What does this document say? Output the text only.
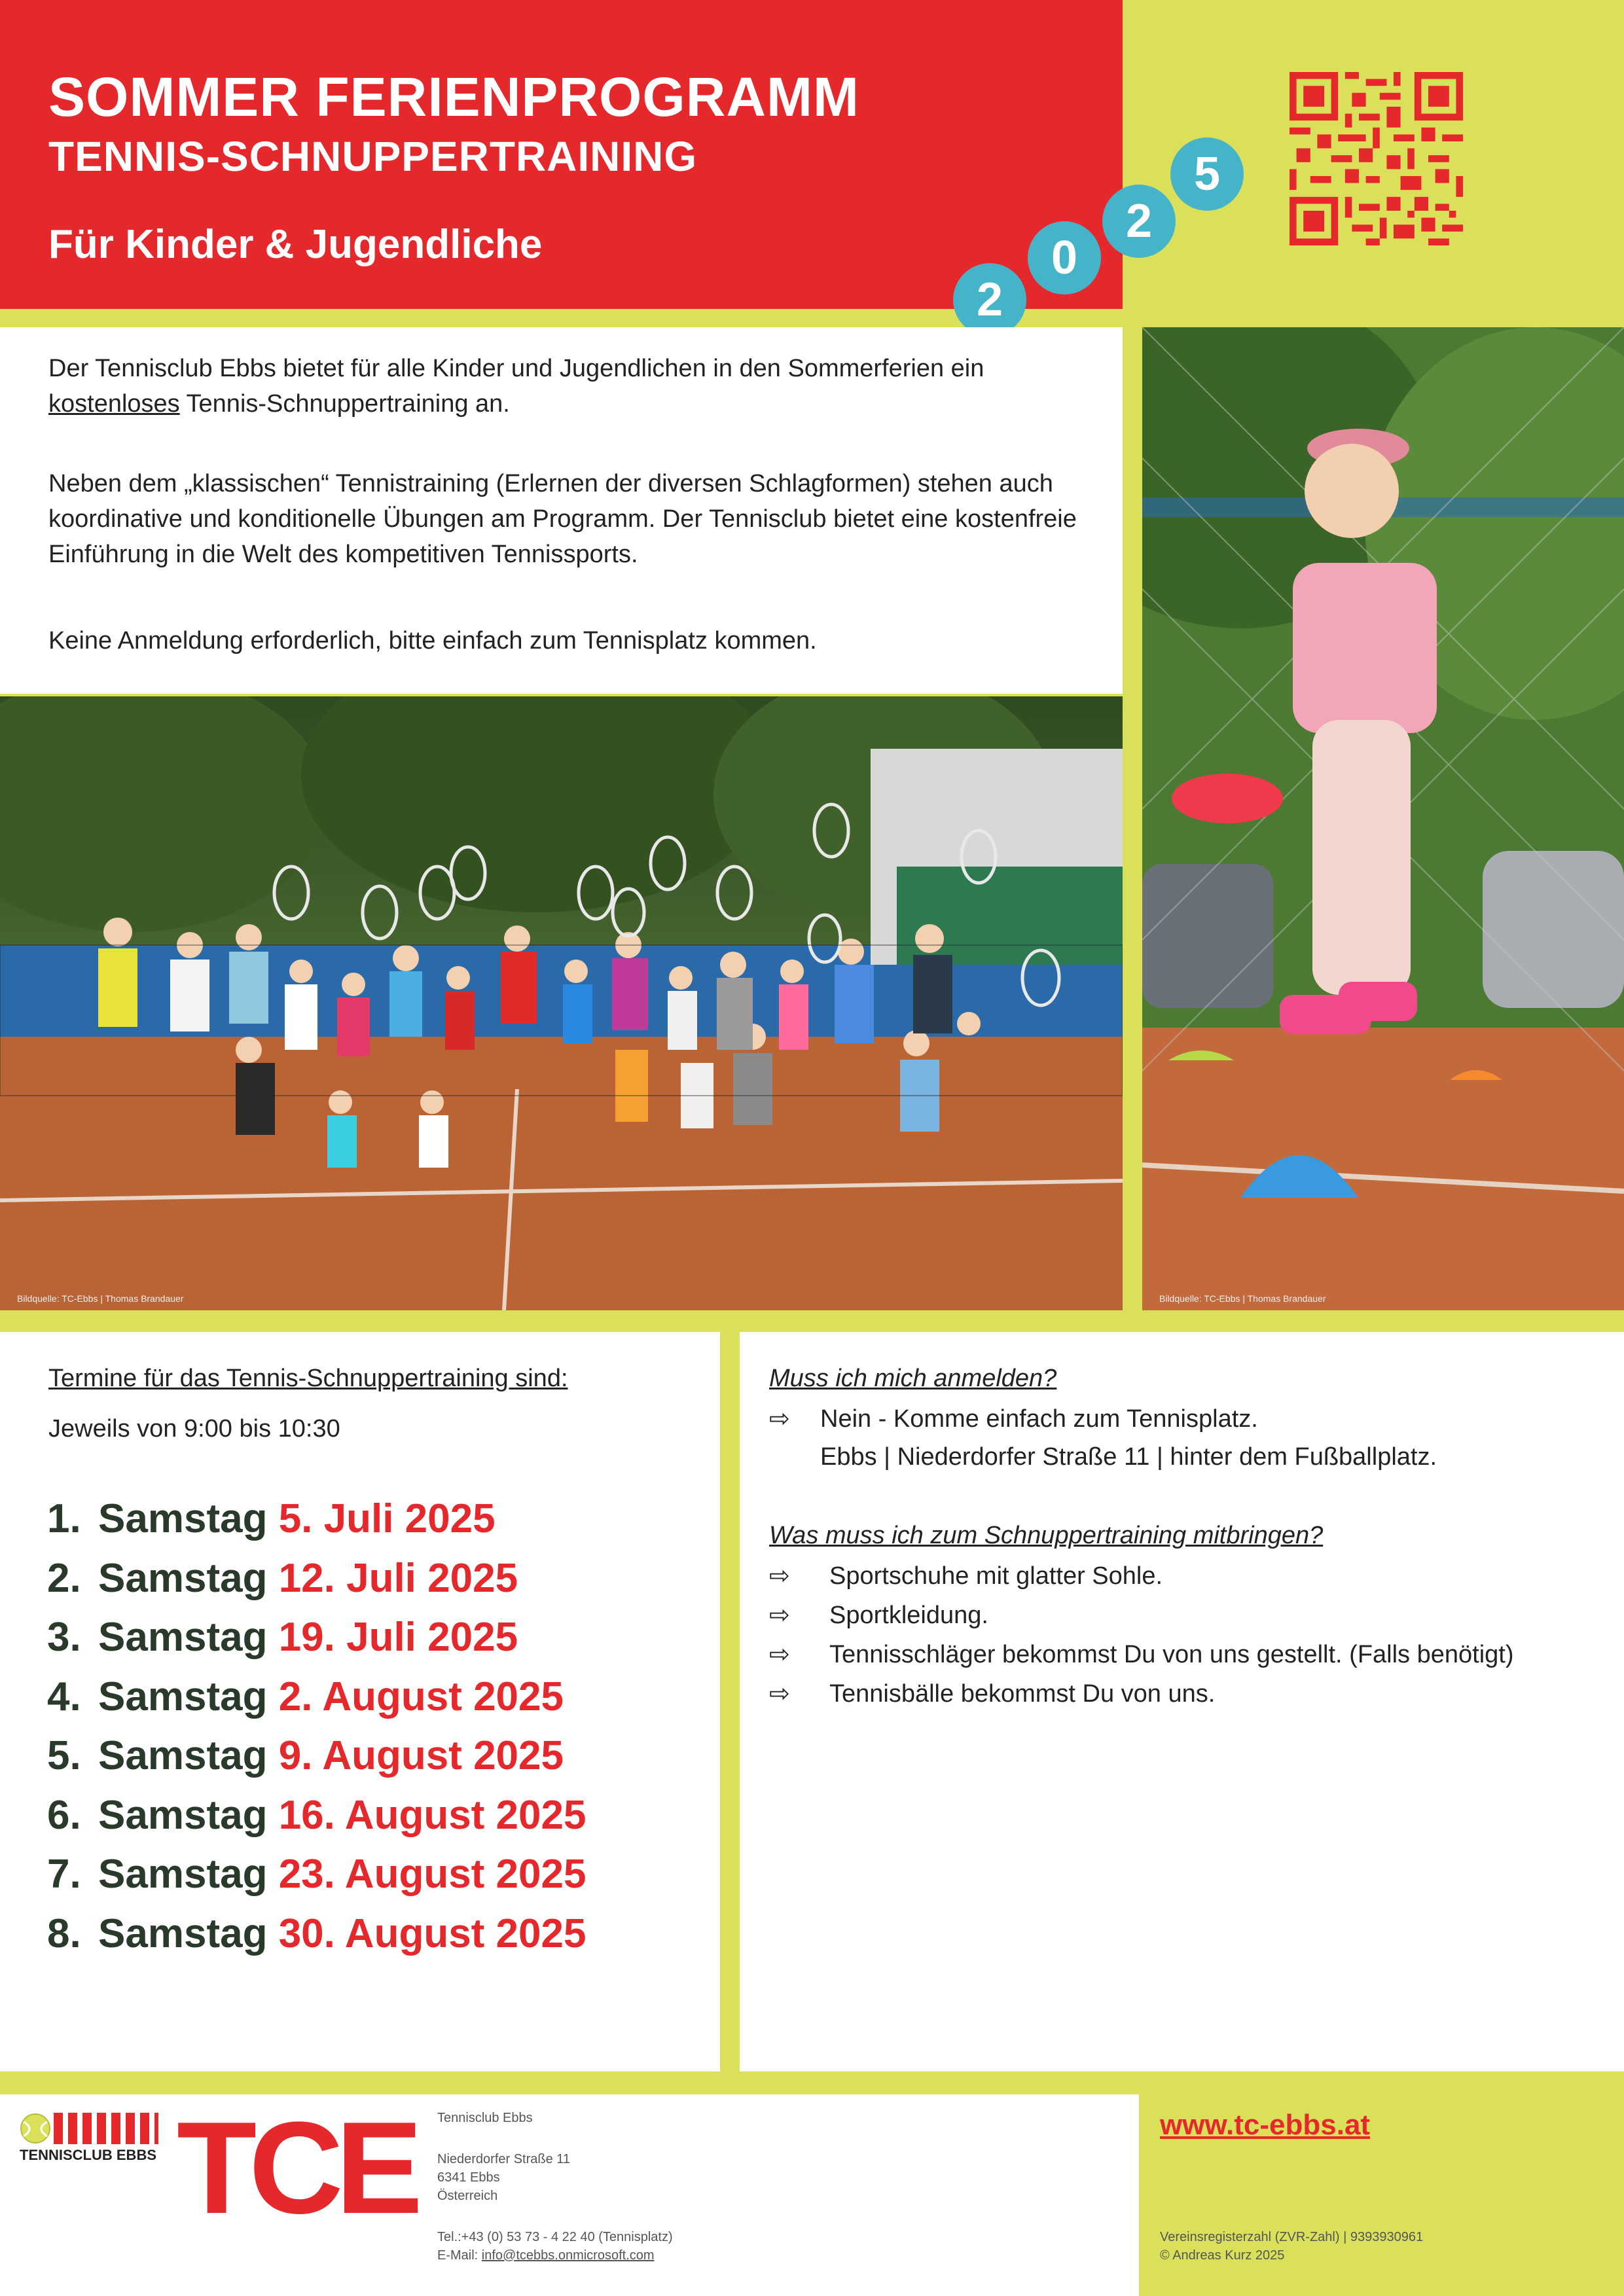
SOMMER FERIENPROGRAMM
TENNIS-SCHNUPPERTRAINING
Für Kinder & Jugendliche
2
0
2
5

Der Tennisclub Ebbs bietet für alle Kinder und Jugendlichen in den Sommerferien ein kostenloses Tennis-Schnuppertraining an.

Neben dem „klassischen“ Tennistraining (Erlernen der diversen Schlagformen) stehen auch koordinative und konditionelle Übungen am Programm. Der Tennisclub bietet eine kostenfreie Einführung in die Welt des kompetitiven Tennissports.

Keine Anmeldung erforderlich, bitte einfach zum Tennisplatz kommen.

Bildquelle: TC-Ebbs | Thomas Brandauer	Bildquelle: TC-Ebbs | Thomas Brandauer
Termine für das Tennis-Schnuppertraining sind:
Jeweils von 9:00 bis 10:30
1. Samstag 5. Juli 2025
2. Samstag 12. Juli 2025
3. Samstag 19. Juli 2025
4. Samstag 2. August 2025
5. Samstag 9. August 2025
6. Samstag 16. August 2025
7. Samstag 23. August 2025
8. Samstag 30. August 2025
Muss ich mich anmelden?
⇨ Nein - Komme einfach zum Tennisplatz.
Ebbs | Niederdorfer Straße 11 | hinter dem Fußballplatz.
Was muss ich zum Schnuppertraining mitbringen?
⇨ Sportschuhe mit glatter Sohle.
⇨ Sportkleidung.
⇨ Tennisschläger bekommst Du von uns gestellt. (Falls benötigt)
⇨ Tennisbälle bekommst Du von uns.
TENNISCLUB EBBS TCE Tennisclub Ebbs
Niederdorfer Straße 11
6341 Ebbs
Österreich
Tel.:+43 (0) 53 73 - 4 22 40 (Tennisplatz)
E-Mail: info@tcebbs.onmicrosoft.com
www.tc-ebbs.at
Vereinsregisterzahl (ZVR-Zahl) | 9393930961
© Andreas Kurz 2025
